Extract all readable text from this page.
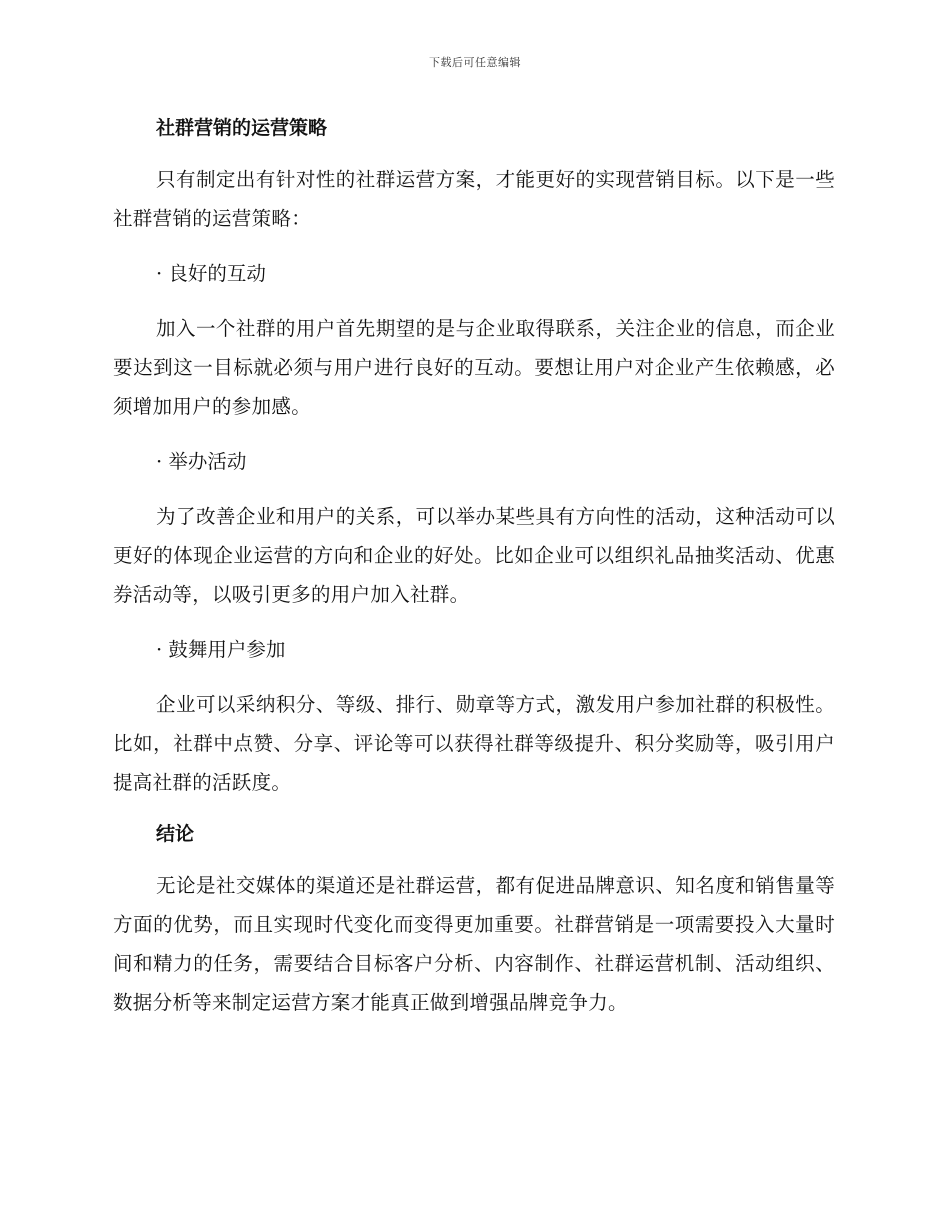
下载后可任意编辑

社群营销的运营策略

只有制定出有针对性的社群运营方案，才能更好的实现营销目标。以下是一些社群营销的运营策略：

· 良好的互动

加入一个社群的用户首先期望的是与企业取得联系，关注企业的信息，而企业要达到这一目标就必须与用户进行良好的互动。要想让用户对企业产生依赖感，必须增加用户的参加感。

· 举办活动

为了改善企业和用户的关系，可以举办某些具有方向性的活动，这种活动可以更好的体现企业运营的方向和企业的好处。比如企业可以组织礼品抽奖活动、优惠券活动等，以吸引更多的用户加入社群。

· 鼓舞用户参加

企业可以采纳积分、等级、排行、勋章等方式，激发用户参加社群的积极性。比如，社群中点赞、分享、评论等可以获得社群等级提升、积分奖励等，吸引用户提高社群的活跃度。

结论

无论是社交媒体的渠道还是社群运营，都有促进品牌意识、知名度和销售量等方面的优势，而且实现时代变化而变得更加重要。社群营销是一项需要投入大量时间和精力的任务，需要结合目标客户分析、内容制作、社群运营机制、活动组织、数据分析等来制定运营方案才能真正做到增强品牌竞争力。
